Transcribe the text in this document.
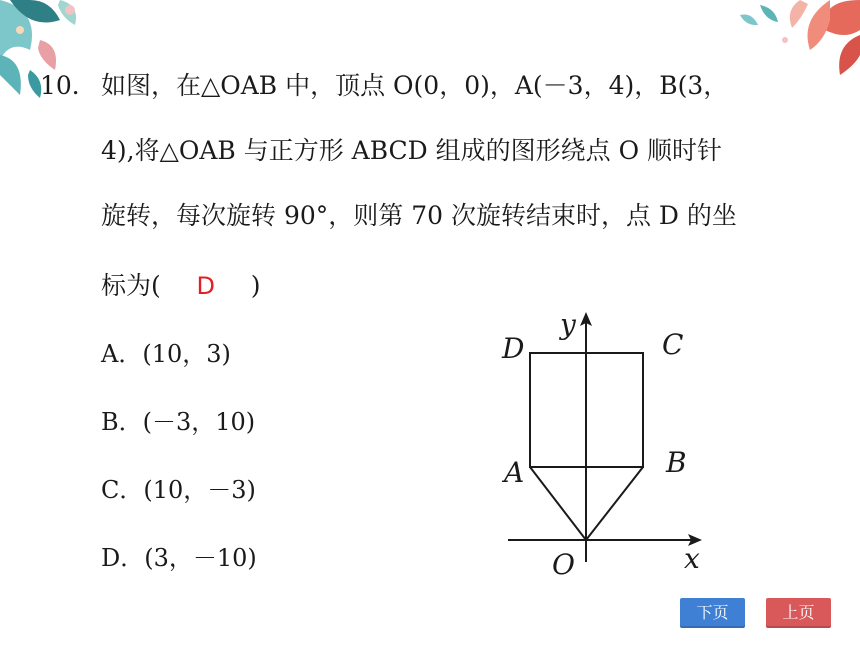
10． 如图，在△OAB 中，顶点 O(0，0)，A(－3，4)，B(3，
4),将△OAB 与正方形 ABCD 组成的图形绕点 O 顺时针
旋转，每次旋转 90°，则第 70 次旋转结束时，点 D 的坐
标为( D )
A．(10，3)
B．(－3，10)
C．(10，－3)
D．(3，－10)
D	C
A	B
O	x
y
下页	上页
